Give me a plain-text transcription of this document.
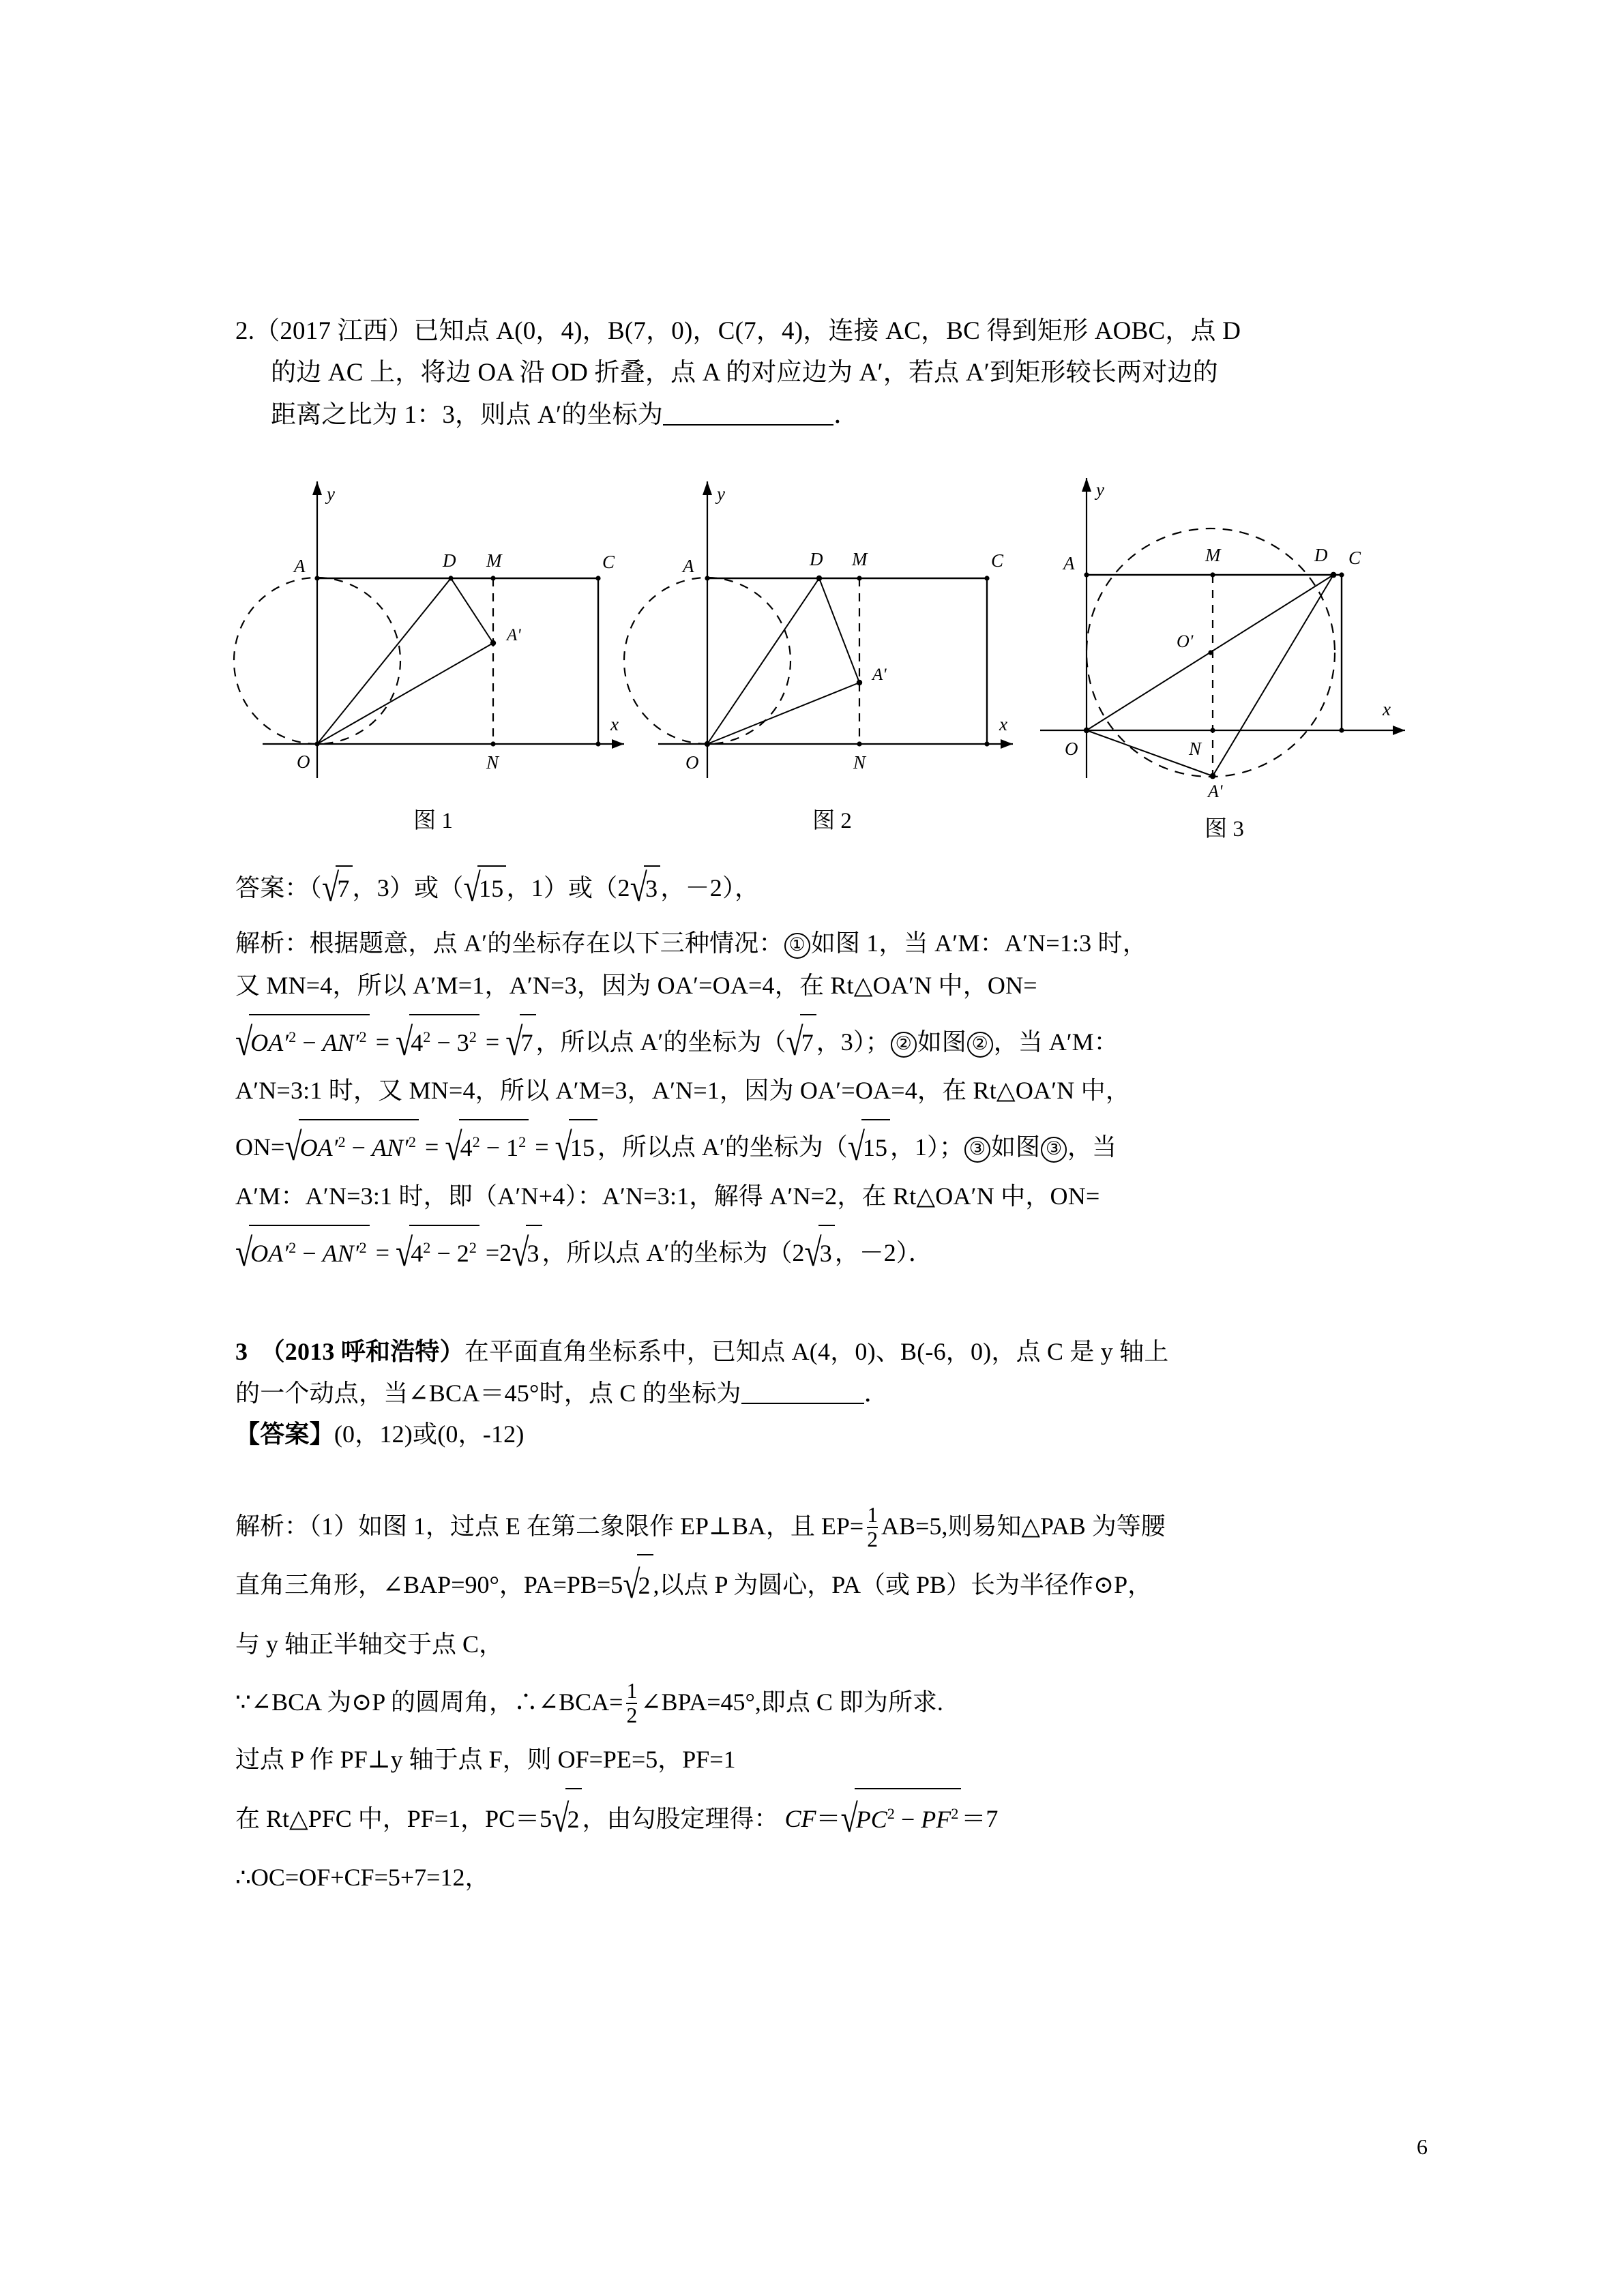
2.（2017 江西）已知点 A(0，4)，B(7，0)，C(7，4)，连接 AC，BC 得到矩形 AOBC，点 D
的边 AC 上，将边 OA 沿 OD 折叠，点 A 的对应边为 A′，若点 A′到矩形较长两对边的
距离之比为 1：3，则点 A′的坐标为	．
A	D M	C
A'
O	N
x
y
图 1
A	D M	C
A'
O	N
x
y
图 2
A	M	D C
O'
O	N
A'
x
y
图 3
答案：（√7 ，3）或（√15 ，1）或（2√3 ，－2），
解析：根据题意，点 A′的坐标存在以下三种情况： ① 如图 1，当 A′M：A′N=1:3 时，
又 MN=4，所以 A′M=1，A′N=3，因为 OA′=OA=4，在 Rt△OA′N 中，ON=
$√OA'^2 - AN'^2 = √4^2 - 3^2 = √7$ ，所以点 A′的坐标为（√7 ，3）； ② 如图 ② ，当 A′M：
A′N=3:1 时，又 MN=4，所以 A′M=3，A′N=1，因为 OA′=OA=4，在 Rt△OA′N 中，
$ON=√OA'^2 - AN'^2 = √4^2 - 1^2 = √15$ ，所以点 A′的坐标为（√15 ，1）； ③ 如图 ③ ，当
A′M：A′N=3:1 时，即（A′N+4）：A′N=3:1，解得 A′N=2，在 Rt△OA′N 中，ON=
$√OA'^2 - AN'^2 = √4^2 - 2^2 =2√3$ ，所以点 A′的坐标为（2√3 ，－2）．
3 （2013 呼和浩特）在平面直角坐标系中，已知点 A(4，0)、B(-6，0)，点 C 是 y 轴上
的一个动点，当∠BCA＝45°时，点 C 的坐标为	．
【答案】(0，12)或(0，-12)
解析：（1）如图 1，过点 E 在第二象限作 EP⊥BA，且 $EP= \frac{1}{2} AB=5$,则易知△PAB 为等腰
直角三角形，∠BAP=90°，PA=PB=5√2 ,以点 P 为圆心，PA（或 PB）长为半径作⊙P，
与 y 轴正半轴交于点 C，
∵∠BCA 为⊙P 的圆周角，∴∠BCA= $\frac{1}{2}$ ∠BPA=45°,即点 C 即为所求.
过点 P 作 PF⊥y 轴于点 F，则 OF=PE=5，PF=1
在 Rt△PFC 中，PF=1，PC＝5√2 ，由勾股定理得： $CF=√PC^2 - PF^2 =7$
∴OC=OF+CF=5+7=12，
6
